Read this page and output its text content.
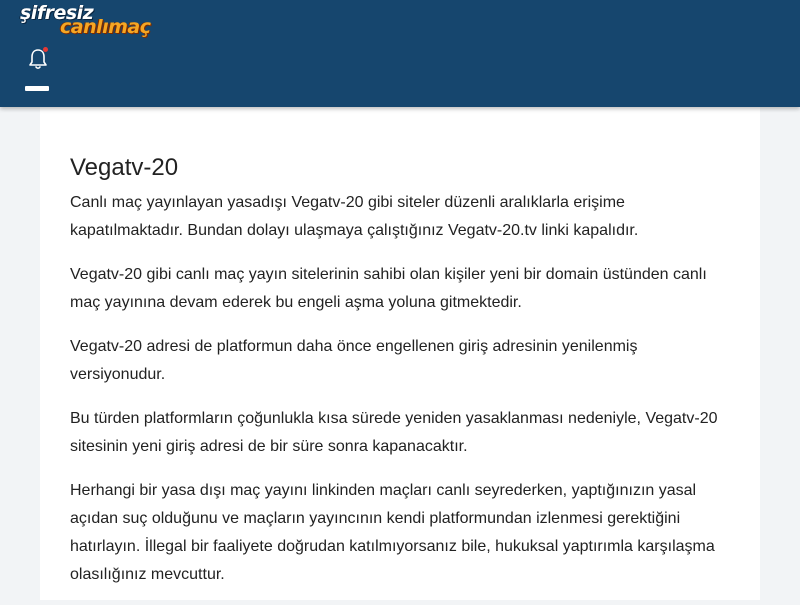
şifresiz
canlımaç
Vegatv-20

Canlı maç yayınlayan yasadışı Vegatv-20 gibi siteler düzenli aralıklarla erişime kapatılmaktadır. Bundan dolayı ulaşmaya çalıştığınız Vegatv-20.tv linki kapalıdır.

Vegatv-20 gibi canlı maç yayın sitelerinin sahibi olan kişiler yeni bir domain üstünden canlı maç yayınına devam ederek bu engeli aşma yoluna gitmektedir.

Vegatv-20 adresi de platformun daha önce engellenen giriş adresinin yenilenmiş versiyonudur.

Bu türden platformların çoğunlukla kısa sürede yeniden yasaklanması nedeniyle, Vegatv-20 sitesinin yeni giriş adresi de bir süre sonra kapanacaktır.

Herhangi bir yasa dışı maç yayını linkinden maçları canlı seyrederken, yaptığınızın yasal açıdan suç olduğunu ve maçların yayıncının kendi platformundan izlenmesi gerektiğini hatırlayın. İllegal bir faaliyete doğrudan katılmıyorsanız bile, hukuksal yaptırımla karşılaşma olasılığınız mevcuttur.
